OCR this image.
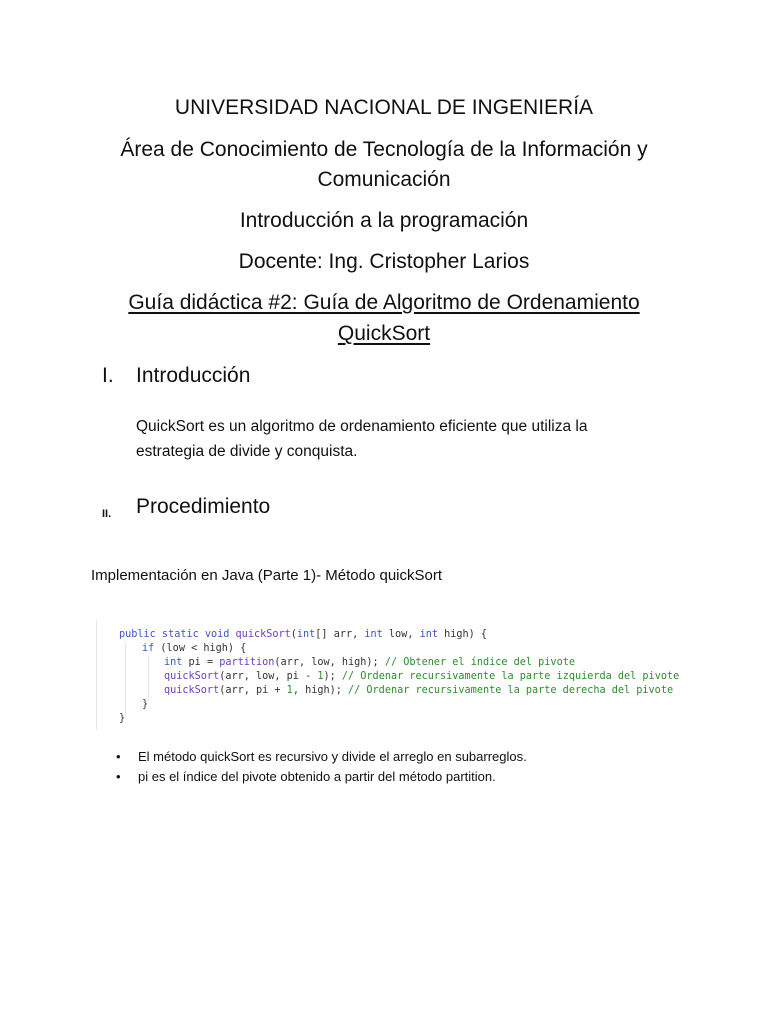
UNIVERSIDAD NACIONAL DE INGENIERÍA
Área de Conocimiento de Tecnología de la Información y
Comunicación
Introducción a la programación
Docente: Ing. Cristopher Larios
Guía didáctica #2: Guía de Algoritmo de Ordenamiento
QuickSort
I. Introducción
QuickSort es un algoritmo de ordenamiento eficiente que utiliza la
estrategia de divide y conquista.
II. Procedimiento
Implementación en Java (Parte 1)- Método quickSort
public static void quickSort(int[] arr, int low, int high) {
if (low < high) {
int pi = partition(arr, low, high); // Obtener el índice del pivote
quickSort(arr, low, pi - 1); // Ordenar recursivamente la parte izquierda del pivote
quickSort(arr, pi + 1, high); // Ordenar recursivamente la parte derecha del pivote
}
}
• El método quickSort es recursivo y divide el arreglo en subarreglos.
• pi es el índice del pivote obtenido a partir del método partition.
